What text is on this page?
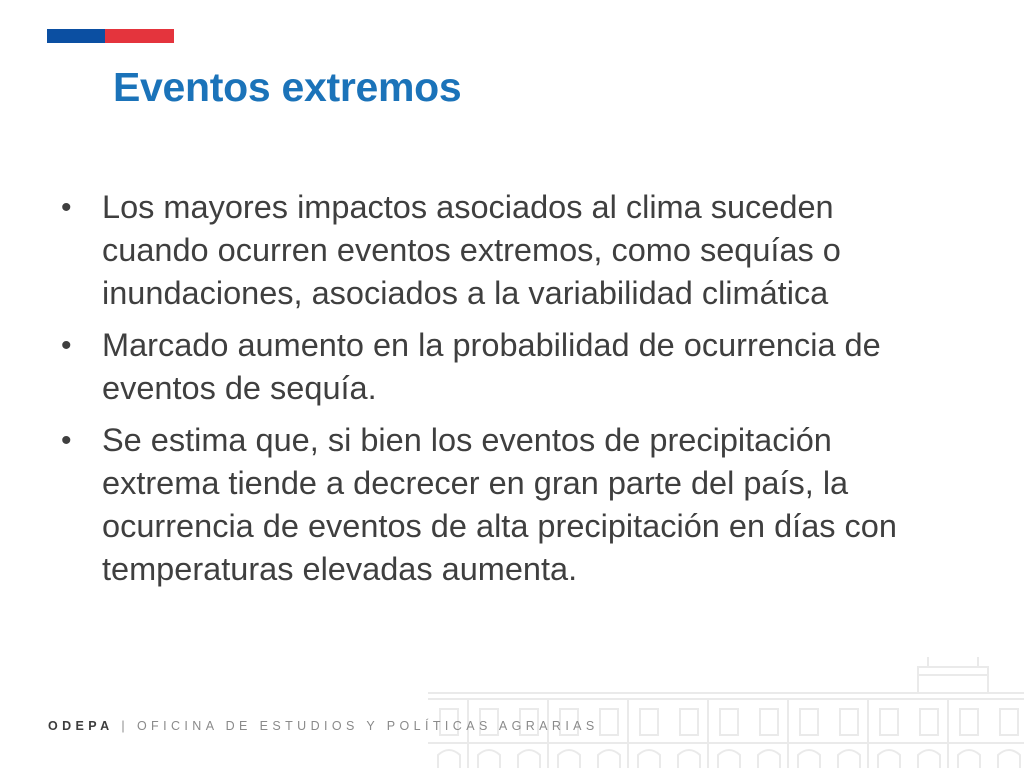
Eventos extremos
• Los mayores impactos asociados al clima suceden cuando ocurren eventos extremos, como sequías o inundaciones, asociados a la variabilidad climática
• Marcado aumento en la probabilidad de ocurrencia de eventos de sequía.
• Se estima que, si bien los eventos de precipitación extrema tiende a decrecer en gran parte del país, la ocurrencia de eventos de alta precipitación en días con temperaturas elevadas aumenta.
ODEPA | OFICINA DE ESTUDIOS Y POLÍTICAS AGRARIAS
